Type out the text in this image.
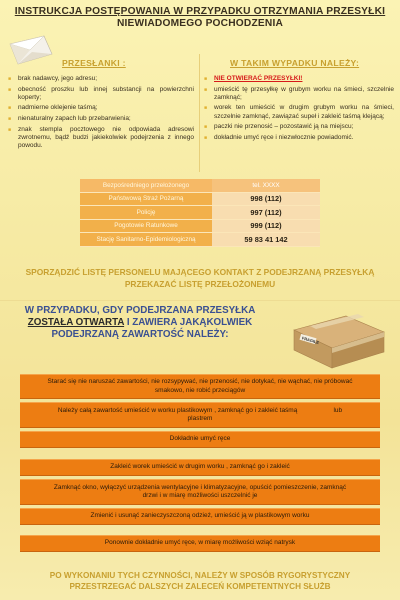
INSTRUKCJA POSTĘPOWANIA W PRZYPADKU OTRZYMANIA PRZESYŁKI
NIEWIADOMEGO POCHODZENIA
PRZESŁANKI :	W TAKIM WYPADKU NALEŻY:
■ brak nadawcy, jego adresu;
■ obecność proszku lub innej substancji na powierzchni koperty;
■ nadmierne oklejenie taśmą;
■ nienaturalny zapach lub przebarwienia;
■ znak stempla pocztowego nie odpowiada adresowi zwrotnemu, bądź budzi jakiekolwiek podejrzenia z innego powodu.
■ NIE OTWIERAĆ PRZESYŁKI!
■ umieścić tę przesyłkę w grubym worku na śmieci, szczelnie zamknąć;
■ worek ten umieścić w drugim grubym worku na śmieci, szczelnie zamknąć, zawiązać supeł i zakleić taśmą klejącą;
■ paczki nie przenosić – pozostawić ją na miejscu;
■ dokładnie umyć ręce i niezwłocznie powiadomić.
Bezpośredniego przełożonego	tel. XXXX
Państwową Straż Pożarną	998 (112)
Policję	997 (112)
Pogotowie Ratunkowe	999 (112)
Stację Sanitarno-Epidemiologiczną	59 83 41 142
SPORZĄDZIĆ LISTĘ PERSONELU MAJĄCEGO KONTAKT Z PODEJRZANĄ PRZESYŁKĄ
PRZEKAZAĆ LISTĘ PRZEŁOŻONEMU
W PRZYPADKU, GDY PODEJRZANA PRZESYŁKA
ZOSTAŁA OTWARTA I ZAWIERA JAKĄKOLWIEK
PODEJRZANĄ ZAWARTOŚĆ NALEŻY:
FRAGILE
Starać się nie naruszać zawartości, nie rozsypywać, nie przenosić, nie dotykać, nie wąchać, nie próbować
smakowo, nie robić przeciągów
Należy całą zawartość umieścić w worku plastikowym , zamknąć go i zakleić taśmą                    lub
plastrem
Dokładnie umyć ręce
Zakleić worek umieścić w drugim worku , zamknąć go i zakleić
Zamknąć okno, wyłączyć urządzenia wentylacyjne i klimatyzacyjne, opuścić pomieszczenie, zamknąć
drzwi i w miarę możliwości uszczelnić je
Zmienić i usunąć zanieczyszczoną odzież, umieścić ją w plastikowym worku
Ponownie dokładnie umyć ręce, w miarę możliwości wziąć natrysk
PO WYKONANIU TYCH CZYNNOŚCI, NALEŻY W SPOSÓB RYGORYSTYCZNY
PRZESTRZEGAĆ DALSZYCH ZALECEŃ KOMPETENTNYCH SŁUŻB
